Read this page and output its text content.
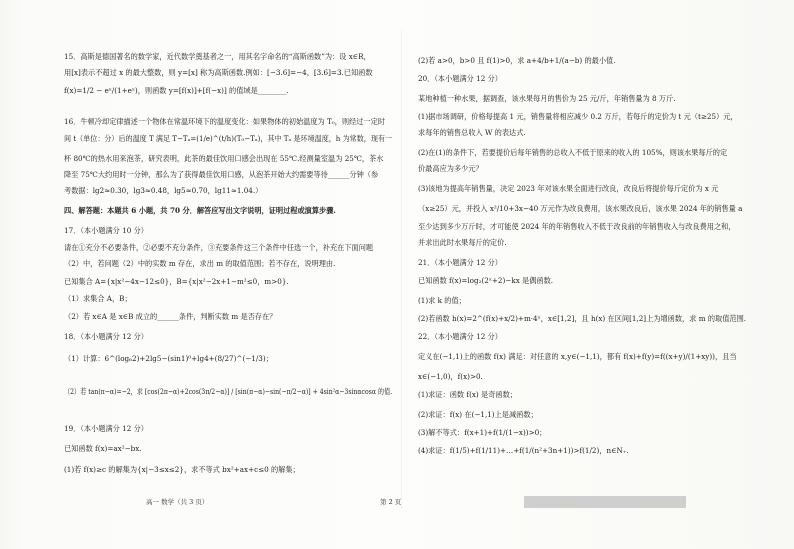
15．高斯是德国著名的数学家，近代数学奠基者之一，用其名字命名的“高斯函数”为：设 x∈R，
用[x]表示不超过 x 的最大整数，则 y=[x] 称为高斯函数.例如：[−3.6]=−4，[3.6]=3.已知函数
f(x)=1/2 − eˣ/(1+eˣ)，则函数 y=[f(x)]+[f(−x)] 的值域是________.
16．牛顿冷却定律描述一个物体在常温环境下的温度变化：如果物体的初始温度为 T₀，则经过一定时
间 t（单位：分）后的温度 T 满足 T−Tₐ=(1/e)^(t/h)(T₀−Tₐ)，其中 Tₐ 是环境温度，h 为常数，现有一
杯 80℃的热水用来泡茶，研究表明，此茶的最佳饮用口感会出现在 55℃.经测量室温为 25℃，茶水
降至 75℃大约用时一分钟，那么为了获得最佳饮用口感，从泡茶开始大约需要等待______分钟（参
考数据：lg2≈0.30，lg3≈0.48，lg5≈0.70，lg11≈1.04.）
四、解答题：本题共 6 小题，共 70 分．解答应写出文字说明，证明过程或演算步骤.
17．（本小题满分 10 分）
请在①充分不必要条件，②必要不充分条件，③充要条件这三个条件中任选一个，补充在下面问题
（2）中，若问题（2）中的实数 m 存在，求出 m 的取值范围；若不存在，说明理由.
已知集合 A={x|x²−4x−12≤0}，B={x|x²−2x+1−m²≤0，m>0}.
（1）求集合 A，B；
（2）若 x∈A 是 x∈B 成立的______条件，判断实数 m 是否存在？
18．（本小题满分 12 分）
（1）计算：6^(log₆2)+2lg5−(sin1)⁰+lg4+(8/27)^(−1/3)；
（2）若 tan(π−α)=−2，求 [cos(2π−α)+2cos(3π/2−α)] / [sin(π−α)−sin(−π/2−α)] + 4sin²α−3sinαcosα 的值.
19．（本小题满分 12 分）
已知函数 f(x)=ax²−bx.
(1)若 f(x)≥c 的解集为{x|−3≤x≤2}，求不等式 bx²+ax+c≤0 的解集；
(2)若 a>0，b>0 且 f(1)>0，求 a+4/b+1/(a−b) 的最小值.
20．（本小题满分 12 分）
某地种植一种水果，据调查，该水果每月的售价为 25 元/斤，年销售量为 8 万斤.
(1)据市场调研，价格每提高 1 元，销售量将相应减少 0.2 万斤，若每斤的定价为 t 元（t≥25）元，
求每年的销售总收入 W 的表达式.
(2)在(1)的条件下，若要提价后每年销售的总收入不低于原来的收入的 105%，则该水果每斤的定
价最高应为多少元？
(3)该地为提高年销售量，决定 2023 年对该水果全面进行改良，改良后将提价每斤定价为 x 元
（x≥25）元，并投入 x²/10+3x−40 万元作为改良费用，该水果改良后，该水果 2024 年的销售量 a
至少达到多少万斤时，才可能使 2024 年的年销售收入不低于改良前的年销售收入与改良费用之和，
并求出此时水果每斤的定价.
21．（本小题满分 12 分）
已知函数 f(x)=log₂(2ˣ+2)−kx 是偶函数.
(1)求 k 的值；
(2)若函数 h(x)=2^(f(x)+x/2)+m·4ˣ，x∈[1,2]，且 h(x) 在区间[1,2]上为增函数，求 m 的取值范围.
22．（本小题满分 12 分）
定义在(−1,1)上的函数 f(x) 满足：对任意的 x,y∈(−1,1)，都有 f(x)+f(y)=f((x+y)/(1+xy))，且当
x∈(−1,0)，f(x)>0.
(1)求证：函数 f(x) 是奇函数；
(2)求证：f(x) 在(−1,1)上是减函数；
(3)解不等式：f(x+1)+f(1/(1−x))>0；
(4)求证：f(1/5)+f(1/11)+…+f(1/(n²+3n+1))>f(1/2)，n∈N₊.
高一 数学（共 3 页）	第 2 页
